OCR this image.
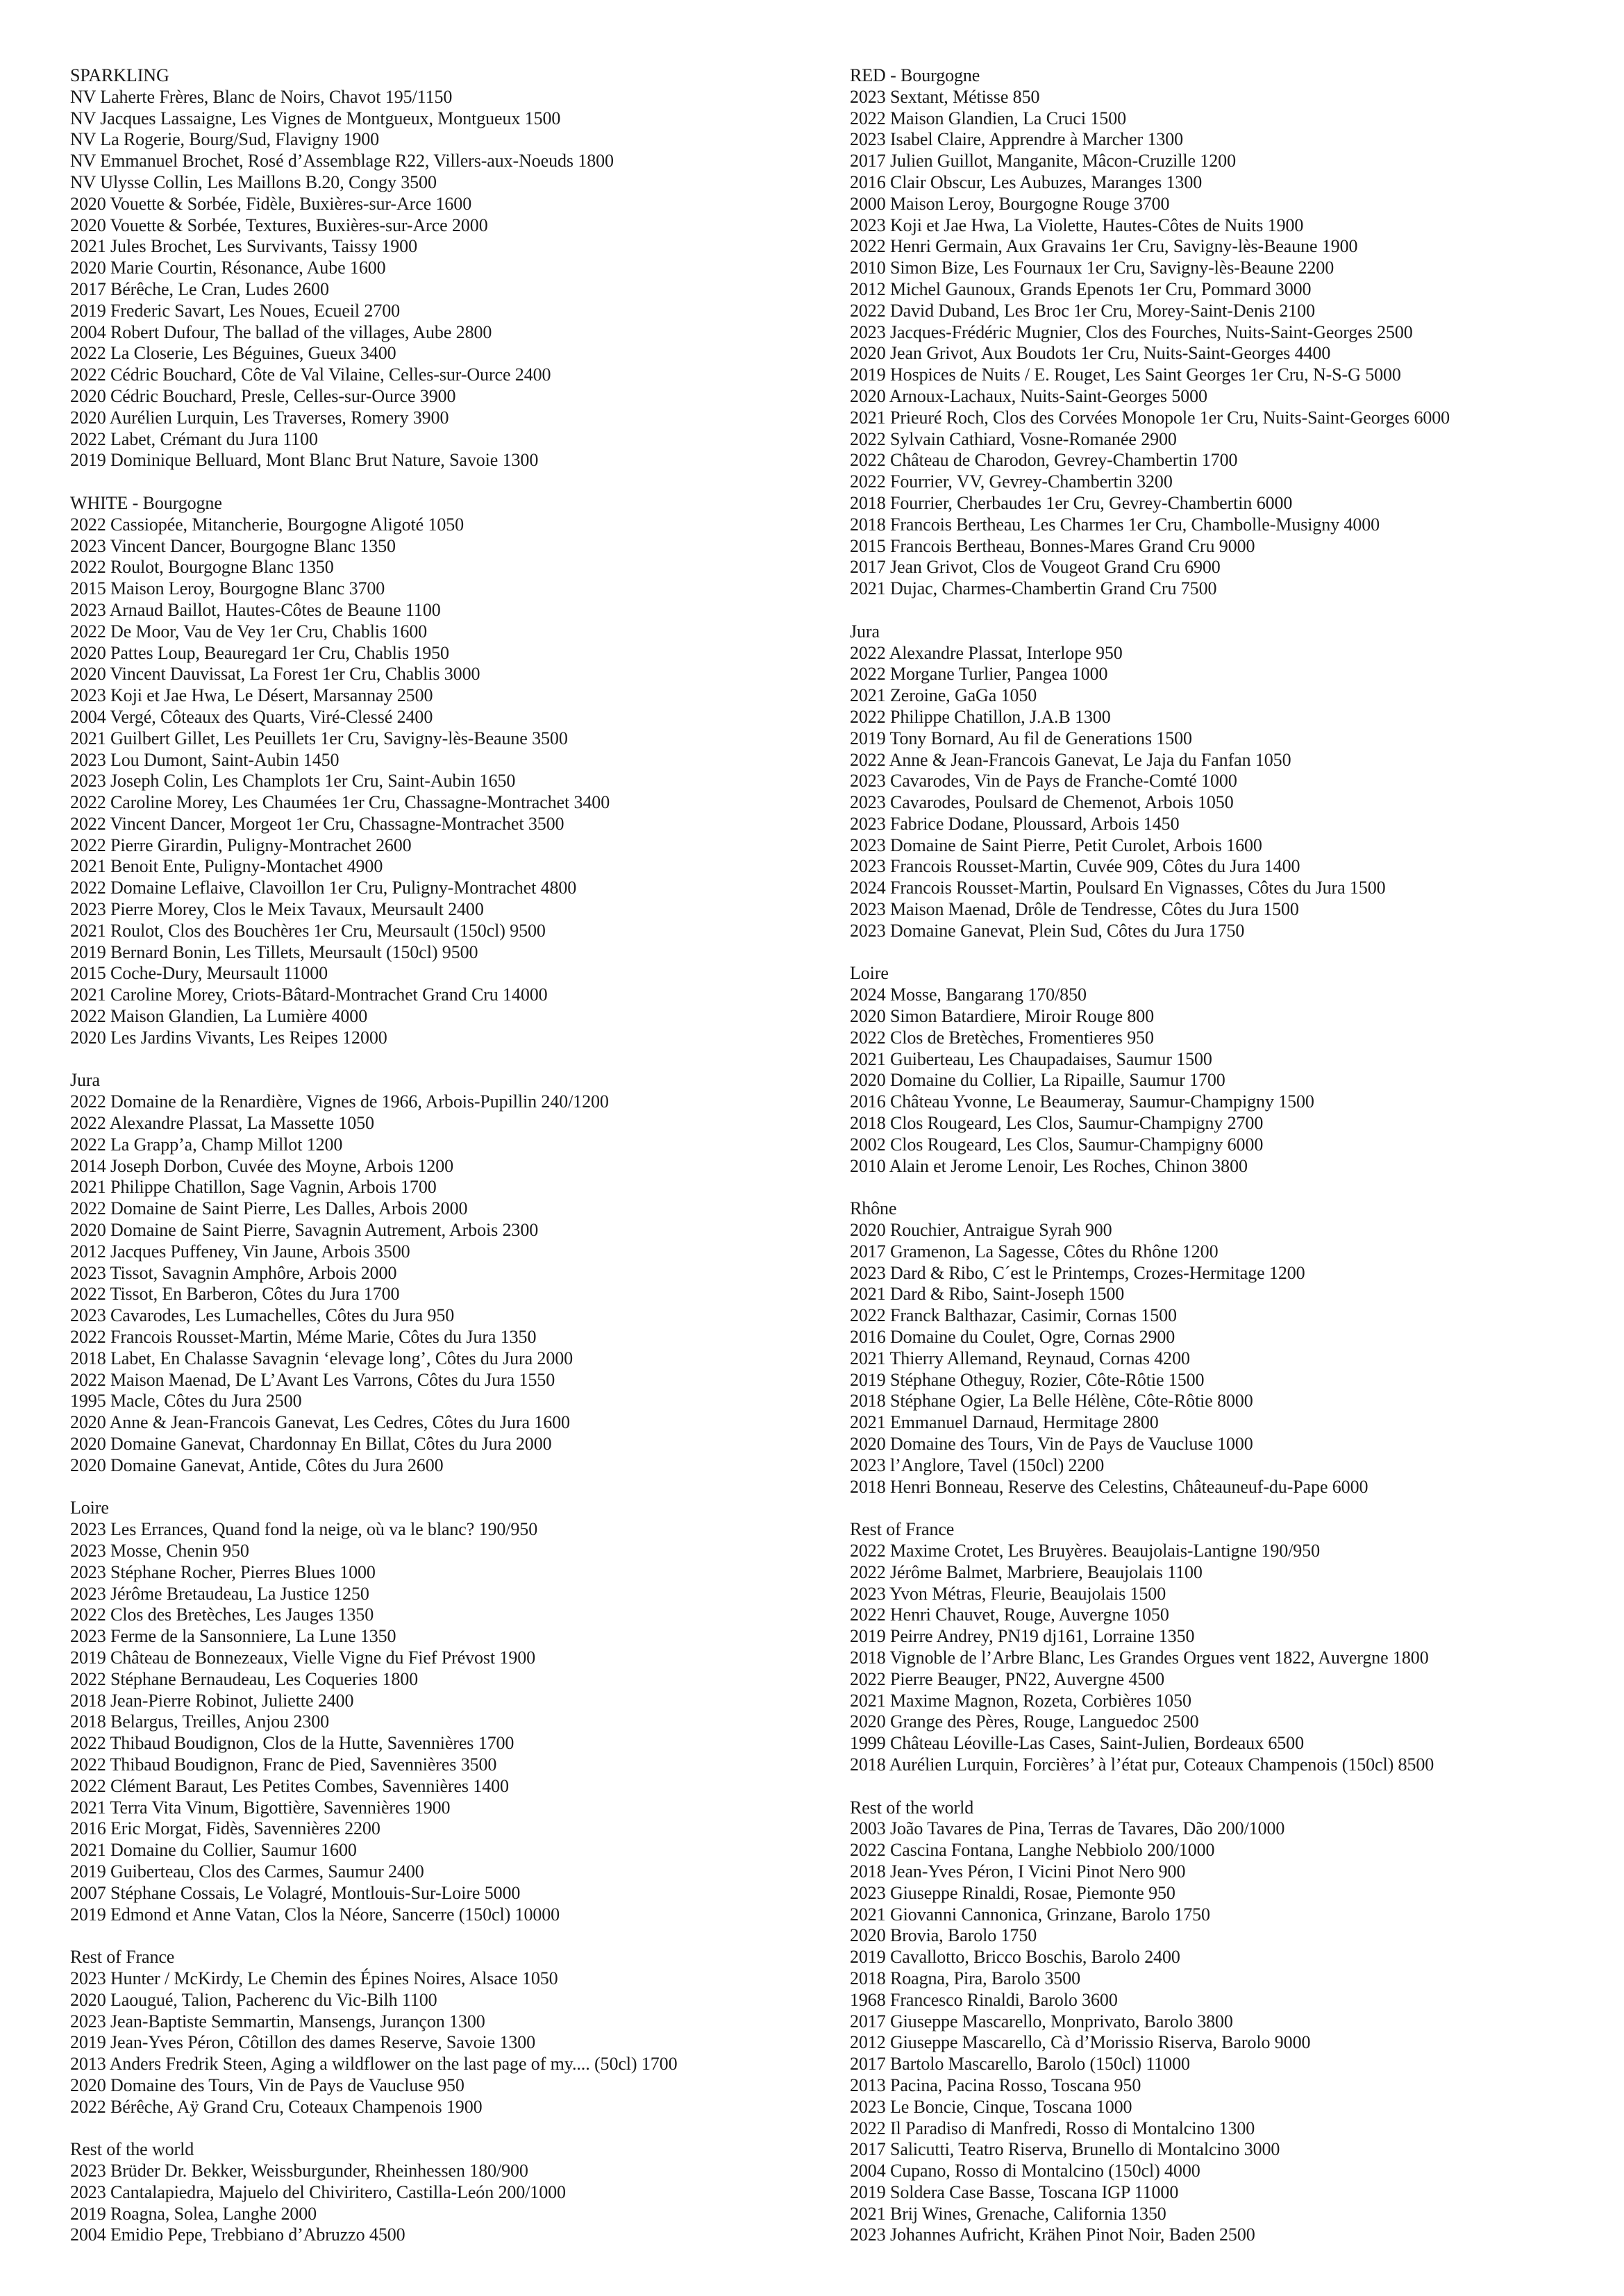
SPARKLING
NV Laherte Frères, Blanc de Noirs, Chavot 195/1150
NV Jacques Lassaigne, Les Vignes de Montgueux, Montgueux 1500
NV La Rogerie, Bourg/Sud, Flavigny 1900
NV Emmanuel Brochet, Rosé d’Assemblage R22, Villers-aux-Noeuds 1800
NV Ulysse Collin, Les Maillons B.20, Congy 3500
2020 Vouette & Sorbée, Fidèle, Buxières-sur-Arce 1600
2020 Vouette & Sorbée, Textures, Buxières-sur-Arce 2000
2021 Jules Brochet, Les Survivants, Taissy 1900
2020 Marie Courtin, Résonance, Aube 1600
2017 Bérêche, Le Cran, Ludes 2600
2019 Frederic Savart, Les Noues, Ecueil 2700
2004 Robert Dufour, The ballad of the villages, Aube 2800
2022 La Closerie, Les Béguines, Gueux 3400
2022 Cédric Bouchard, Côte de Val Vilaine, Celles-sur-Ource 2400
2020 Cédric Bouchard, Presle, Celles-sur-Ource 3900
2020 Aurélien Lurquin, Les Traverses, Romery 3900
2022 Labet, Crémant du Jura 1100
2019 Dominique Belluard, Mont Blanc Brut Nature, Savoie 1300
WHITE - Bourgogne
2022 Cassiopée, Mitancherie, Bourgogne Aligoté 1050
2023 Vincent Dancer, Bourgogne Blanc 1350
2022 Roulot, Bourgogne Blanc 1350
2015 Maison Leroy, Bourgogne Blanc 3700
2023 Arnaud Baillot, Hautes-Côtes de Beaune 1100
2022 De Moor, Vau de Vey 1er Cru, Chablis 1600
2020 Pattes Loup, Beauregard 1er Cru, Chablis 1950
2020 Vincent Dauvissat, La Forest 1er Cru, Chablis 3000
2023 Koji et Jae Hwa, Le Désert, Marsannay 2500
2004 Vergé, Côteaux des Quarts, Viré-Clessé 2400
2021 Guilbert Gillet, Les Peuillets 1er Cru, Savigny-lès-Beaune 3500
2023 Lou Dumont, Saint-Aubin 1450
2023 Joseph Colin, Les Champlots 1er Cru, Saint-Aubin 1650
2022 Caroline Morey, Les Chaumées 1er Cru, Chassagne-Montrachet 3400
2022 Vincent Dancer, Morgeot 1er Cru, Chassagne-Montrachet 3500
2022 Pierre Girardin, Puligny-Montrachet 2600
2021 Benoit Ente, Puligny-Montachet 4900
2022 Domaine Leflaive, Clavoillon 1er Cru, Puligny-Montrachet 4800
2023 Pierre Morey, Clos le Meix Tavaux, Meursault 2400
2021 Roulot, Clos des Bouchères 1er Cru, Meursault (150cl) 9500
2019 Bernard Bonin, Les Tillets, Meursault (150cl) 9500
2015 Coche-Dury, Meursault 11000
2021 Caroline Morey, Criots-Bâtard-Montrachet Grand Cru 14000
2022 Maison Glandien, La Lumière 4000
2020 Les Jardins Vivants, Les Reipes 12000
Jura
2022 Domaine de la Renardière, Vignes de 1966, Arbois-Pupillin 240/1200
2022 Alexandre Plassat, La Massette 1050
2022 La Grapp’a, Champ Millot 1200
2014 Joseph Dorbon, Cuvée des Moyne, Arbois 1200
2021 Philippe Chatillon, Sage Vagnin, Arbois 1700
2022 Domaine de Saint Pierre, Les Dalles, Arbois 2000
2020 Domaine de Saint Pierre, Savagnin Autrement, Arbois 2300
2012 Jacques Puffeney, Vin Jaune, Arbois 3500
2023 Tissot, Savagnin Amphôre, Arbois 2000
2022 Tissot, En Barberon, Côtes du Jura 1700
2023 Cavarodes, Les Lumachelles, Côtes du Jura 950
2022 Francois Rousset-Martin, Méme Marie, Côtes du Jura 1350
2018 Labet, En Chalasse Savagnin ‘elevage long’, Côtes du Jura 2000
2022 Maison Maenad, De L’Avant Les Varrons, Côtes du Jura 1550
1995 Macle, Côtes du Jura 2500
2020 Anne & Jean-Francois Ganevat, Les Cedres, Côtes du Jura 1600
2020 Domaine Ganevat, Chardonnay En Billat, Côtes du Jura 2000
2020 Domaine Ganevat, Antide, Côtes du Jura 2600
Loire
2023 Les Errances, Quand fond la neige, où va le blanc? 190/950
2023 Mosse, Chenin 950
2023 Stéphane Rocher, Pierres Blues 1000
2023 Jérôme Bretaudeau, La Justice 1250
2022 Clos des Bretèches, Les Jauges 1350
2023 Ferme de la Sansonniere, La Lune 1350
2019 Château de Bonnezeaux, Vielle Vigne du Fief Prévost 1900
2022 Stéphane Bernaudeau, Les Coqueries 1800
2018 Jean-Pierre Robinot, Juliette 2400
2018 Belargus, Treilles, Anjou 2300
2022 Thibaud Boudignon, Clos de la Hutte, Savennières 1700
2022 Thibaud Boudignon, Franc de Pied, Savennières 3500
2022 Clément Baraut, Les Petites Combes, Savennières 1400
2021 Terra Vita Vinum, Bigottière, Savennières 1900
2016 Eric Morgat, Fidès, Savennières 2200
2021 Domaine du Collier, Saumur 1600
2019 Guiberteau, Clos des Carmes, Saumur 2400
2007 Stéphane Cossais, Le Volagré, Montlouis-Sur-Loire 5000
2019 Edmond et Anne Vatan, Clos la Néore, Sancerre (150cl) 10000
Rest of France
2023 Hunter / McKirdy, Le Chemin des Épines Noires, Alsace 1050
2020 Laougué, Talion, Pacherenc du Vic-Bilh 1100
2023 Jean-Baptiste Semmartin, Mansengs, Jurançon 1300
2019 Jean-Yves Péron, Côtillon des dames Reserve, Savoie 1300
2013 Anders Fredrik Steen, Aging a wildflower on the last page of my.... (50cl) 1700
2020 Domaine des Tours, Vin de Pays de Vaucluse 950
2022 Bérêche, Aÿ Grand Cru, Coteaux Champenois 1900
Rest of the world
2023 Brüder Dr. Bekker, Weissburgunder, Rheinhessen 180/900
2023 Cantalapiedra, Majuelo del Chiviritero, Castilla-León 200/1000
2019 Roagna, Solea, Langhe 2000
2004 Emidio Pepe, Trebbiano d’Abruzzo 4500
RED - Bourgogne
2023 Sextant, Métisse 850
2022 Maison Glandien, La Cruci 1500
2023 Isabel Claire, Apprendre à Marcher 1300
2017 Julien Guillot, Manganite, Mâcon-Cruzille 1200
2016 Clair Obscur, Les Aubuzes, Maranges 1300
2000 Maison Leroy, Bourgogne Rouge 3700
2023 Koji et Jae Hwa, La Violette, Hautes-Côtes de Nuits 1900
2022 Henri Germain, Aux Gravains 1er Cru, Savigny-lès-Beaune 1900
2010 Simon Bize, Les Fournaux 1er Cru, Savigny-lès-Beaune 2200
2012 Michel Gaunoux, Grands Epenots 1er Cru, Pommard 3000
2022 David Duband, Les Broc 1er Cru, Morey-Saint-Denis 2100
2023 Jacques-Frédéric Mugnier, Clos des Fourches, Nuits-Saint-Georges 2500
2020 Jean Grivot, Aux Boudots 1er Cru, Nuits-Saint-Georges 4400
2019 Hospices de Nuits / E. Rouget, Les Saint Georges 1er Cru, N-S-G 5000
2020 Arnoux-Lachaux, Nuits-Saint-Georges 5000
2021 Prieuré Roch, Clos des Corvées Monopole 1er Cru, Nuits-Saint-Georges 6000
2022 Sylvain Cathiard, Vosne-Romanée 2900
2022 Château de Charodon, Gevrey-Chambertin 1700
2022 Fourrier, VV, Gevrey-Chambertin 3200
2018 Fourrier, Cherbaudes 1er Cru, Gevrey-Chambertin 6000
2018 Francois Bertheau, Les Charmes 1er Cru, Chambolle-Musigny 4000
2015 Francois Bertheau, Bonnes-Mares Grand Cru 9000
2017 Jean Grivot, Clos de Vougeot Grand Cru 6900
2021 Dujac, Charmes-Chambertin Grand Cru 7500
Jura
2022 Alexandre Plassat, Interlope 950
2022 Morgane Turlier, Pangea 1000
2021 Zeroine, GaGa 1050
2022 Philippe Chatillon, J.A.B 1300
2019 Tony Bornard, Au fil de Generations 1500
2022 Anne & Jean-Francois Ganevat, Le Jaja du Fanfan 1050
2023 Cavarodes, Vin de Pays de Franche-Comté 1000
2023 Cavarodes, Poulsard de Chemenot, Arbois 1050
2023 Fabrice Dodane, Ploussard, Arbois 1450
2023 Domaine de Saint Pierre, Petit Curolet, Arbois 1600
2023 Francois Rousset-Martin, Cuvée 909, Côtes du Jura 1400
2024 Francois Rousset-Martin, Poulsard En Vignasses, Côtes du Jura 1500
2023 Maison Maenad, Drôle de Tendresse, Côtes du Jura 1500
2023 Domaine Ganevat, Plein Sud, Côtes du Jura 1750
Loire
2024 Mosse, Bangarang 170/850
2020 Simon Batardiere, Miroir Rouge 800
2022 Clos de Bretèches, Fromentieres 950
2021 Guiberteau, Les Chaupadaises, Saumur 1500
2020 Domaine du Collier, La Ripaille, Saumur 1700
2016 Château Yvonne, Le Beaumeray, Saumur-Champigny 1500
2018 Clos Rougeard, Les Clos, Saumur-Champigny 2700
2002 Clos Rougeard, Les Clos, Saumur-Champigny 6000
2010 Alain et Jerome Lenoir, Les Roches, Chinon 3800
Rhône
2020 Rouchier, Antraigue Syrah 900
2017 Gramenon, La Sagesse, Côtes du Rhône 1200
2023 Dard & Ribo, C´est le Printemps, Crozes-Hermitage 1200
2021 Dard & Ribo, Saint-Joseph 1500
2022 Franck Balthazar, Casimir, Cornas 1500
2016 Domaine du Coulet, Ogre, Cornas 2900
2021 Thierry Allemand, Reynaud, Cornas 4200
2019 Stéphane Otheguy, Rozier, Côte-Rôtie 1500
2018 Stéphane Ogier, La Belle Hélène, Côte-Rôtie 8000
2021 Emmanuel Darnaud, Hermitage 2800
2020 Domaine des Tours, Vin de Pays de Vaucluse 1000
2023 l’Anglore, Tavel (150cl) 2200
2018 Henri Bonneau, Reserve des Celestins, Châteauneuf-du-Pape 6000
Rest of France
2022 Maxime Crotet, Les Bruyères. Beaujolais-Lantigne 190/950
2022 Jérôme Balmet, Marbriere, Beaujolais 1100
2023 Yvon Métras, Fleurie, Beaujolais 1500
2022 Henri Chauvet, Rouge, Auvergne 1050
2019 Peirre Andrey, PN19 dj161, Lorraine 1350
2018 Vignoble de l’Arbre Blanc, Les Grandes Orgues vent 1822, Auvergne 1800
2022 Pierre Beauger, PN22, Auvergne 4500
2021 Maxime Magnon, Rozeta, Corbières 1050
2020 Grange des Pères, Rouge, Languedoc 2500
1999 Château Léoville-Las Cases, Saint-Julien, Bordeaux 6500
2018 Aurélien Lurquin, Forcières’ à l’état pur, Coteaux Champenois (150cl) 8500
Rest of the world
2003 João Tavares de Pina, Terras de Tavares, Dão 200/1000
2022 Cascina Fontana, Langhe Nebbiolo 200/1000
2018 Jean-Yves Péron, I Vicini Pinot Nero 900
2023 Giuseppe Rinaldi, Rosae, Piemonte 950
2021 Giovanni Cannonica, Grinzane, Barolo 1750
2020 Brovia, Barolo 1750
2019 Cavallotto, Bricco Boschis, Barolo 2400
2018 Roagna, Pira, Barolo 3500
1968 Francesco Rinaldi, Barolo 3600
2017 Giuseppe Mascarello, Monprivato, Barolo 3800
2012 Giuseppe Mascarello, Cà d’Morissio Riserva, Barolo 9000
2017 Bartolo Mascarello, Barolo (150cl) 11000
2013 Pacina, Pacina Rosso, Toscana 950
2023 Le Boncie, Cinque, Toscana 1000
2022 Il Paradiso di Manfredi, Rosso di Montalcino 1300
2017 Salicutti, Teatro Riserva, Brunello di Montalcino 3000
2004 Cupano, Rosso di Montalcino (150cl) 4000
2019 Soldera Case Basse, Toscana IGP 11000
2021 Brij Wines, Grenache, California 1350
2023 Johannes Aufricht, Krähen Pinot Noir, Baden 2500
